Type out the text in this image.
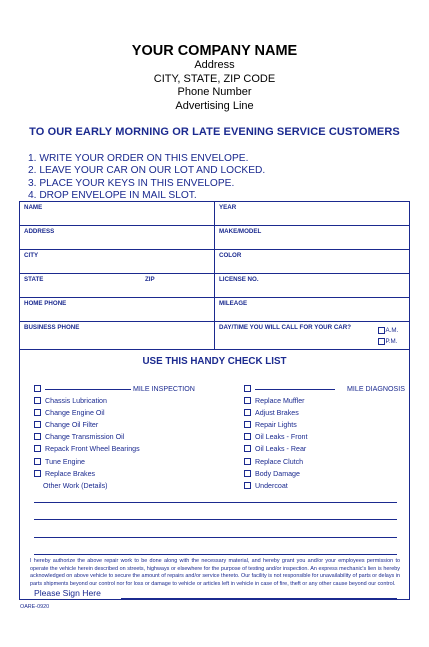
YOUR COMPANY NAME
Address
CITY, STATE, ZIP CODE
Phone Number
Advertising Line
TO OUR EARLY MORNING OR LATE EVENING SERVICE CUSTOMERS
1. WRITE YOUR ORDER ON THIS ENVELOPE.
2. LEAVE YOUR CAR ON OUR LOT AND LOCKED.
3. PLACE YOUR KEYS IN THIS ENVELOPE.
4. DROP ENVELOPE IN MAIL SLOT.
NAME	YEAR
ADDRESS	MAKE/MODEL
CITY	COLOR
STATE	ZIP	LICENSE NO.
HOME PHONE	MILEAGE
BUSINESS PHONE	DAY/TIME YOU WILL CALL FOR YOUR CAR?	A.M.
P.M.
USE THIS HANDY CHECK LIST
MILE INSPECTION
Chassis Lubrication
Change Engine Oil
Change Oil Filter
Change Transmission Oil
Repack Front Wheel Bearings
Tune Engine
Replace Brakes
Other Work (Details)
MILE DIAGNOSIS
Replace Muffler
Adjust Brakes
Repair Lights
Oil Leaks - Front
Oil Leaks - Rear
Replace Clutch
Body Damage
Undercoat
I hereby authorize the above repair work to be done along with the necessary material, and hereby grant you and/or your employees permission to operate the vehicle herein described on streets, highways or elsewhere for the purpose of testing and/or inspection. An express mechanic's lien is hereby acknowledged on above vehicle to secure the amount of repairs and/or service thereto. Our facility is not responsible for unavailability of parts or delays in parts shipments beyond our control nor for loss or damage to vehicle or articles left in vehicle in case of fire, theft or any other cause beyond our control.
Please Sign Here
OARE-0920
